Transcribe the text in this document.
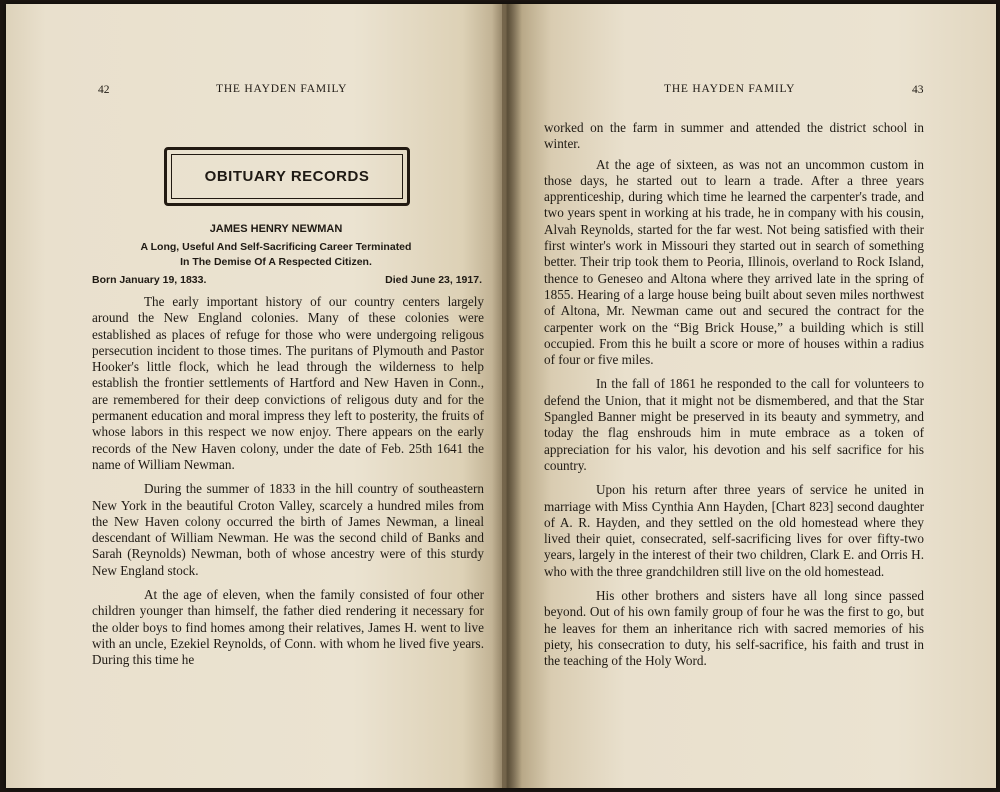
42	THE HAYDEN FAMILY
OBITUARY RECORDS
JAMES HENRY NEWMAN
A Long, Useful And Self-Sacrificing Career Terminated
In The Demise Of A Respected Citizen.
Born January 19, 1833.	Died June 23, 1917.

The early important history of our country centers largely around the New England colonies. Many of these colonies were established as places of refuge for those who were undergoing religous persecution incident to those times. The puritans of Plymouth and Pastor Hooker's little flock, which he lead through the wilderness to help establish the frontier settlements of Hartford and New Haven in Conn., are remembered for their deep convictions of religous duty and for the permanent education and moral impress they left to posterity, the fruits of whose labors in this respect we now enjoy. There appears on the early records of the New Haven colony, under the date of Feb. 25th 1641 the name of William Newman.

During the summer of 1833 in the hill country of southeastern New York in the beautiful Croton Valley, scarcely a hundred miles from the New Haven colony occurred the birth of James Newman, a lineal descendant of William Newman. He was the second child of Banks and Sarah (Reynolds) Newman, both of whose ancestry were of this sturdy New England stock.

At the age of eleven, when the family consisted of four other children younger than himself, the father died rendering it necessary for the older boys to find homes among their relatives, James H. went to live with an uncle, Ezekiel Reynolds, of Conn. with whom he lived five years. During this time he

THE HAYDEN FAMILY	43

worked on the farm in summer and attended the district school in winter.

At the age of sixteen, as was not an uncommon custom in those days, he started out to learn a trade. After a three years apprenticeship, during which time he learned the carpenter's trade, and two years spent in working at his trade, he in company with his cousin, Alvah Reynolds, started for the far west. Not being satisfied with their first winter's work in Missouri they started out in search of something better. Their trip took them to Peoria, Illinois, overland to Rock Island, thence to Geneseo and Altona where they arrived late in the spring of 1855. Hearing of a large house being built about seven miles northwest of Altona, Mr. Newman came out and secured the contract for the carpenter work on the “Big Brick House,” a building which is still occupied. From this he built a score or more of houses within a radius of four or five miles.

In the fall of 1861 he responded to the call for volunteers to defend the Union, that it might not be dismembered, and that the Star Spangled Banner might be preserved in its beauty and symmetry, and today the flag enshrouds him in mute embrace as a token of appreciation for his valor, his devotion and his self sacrifice for his country.

Upon his return after three years of service he united in marriage with Miss Cynthia Ann Hayden, [Chart 823] second daughter of A. R. Hayden, and they settled on the old homestead where they lived their quiet, consecrated, self-sacrificing lives for over fifty-two years, largely in the interest of their two children, Clark E. and Orris H. who with the three grandchildren still live on the old homestead.

His other brothers and sisters have all long since passed beyond. Out of his own family group of four he was the first to go, but he leaves for them an inheritance rich with sacred memories of his piety, his consecration to duty, his self-sacrifice, his faith and trust in the teaching of the Holy Word.
